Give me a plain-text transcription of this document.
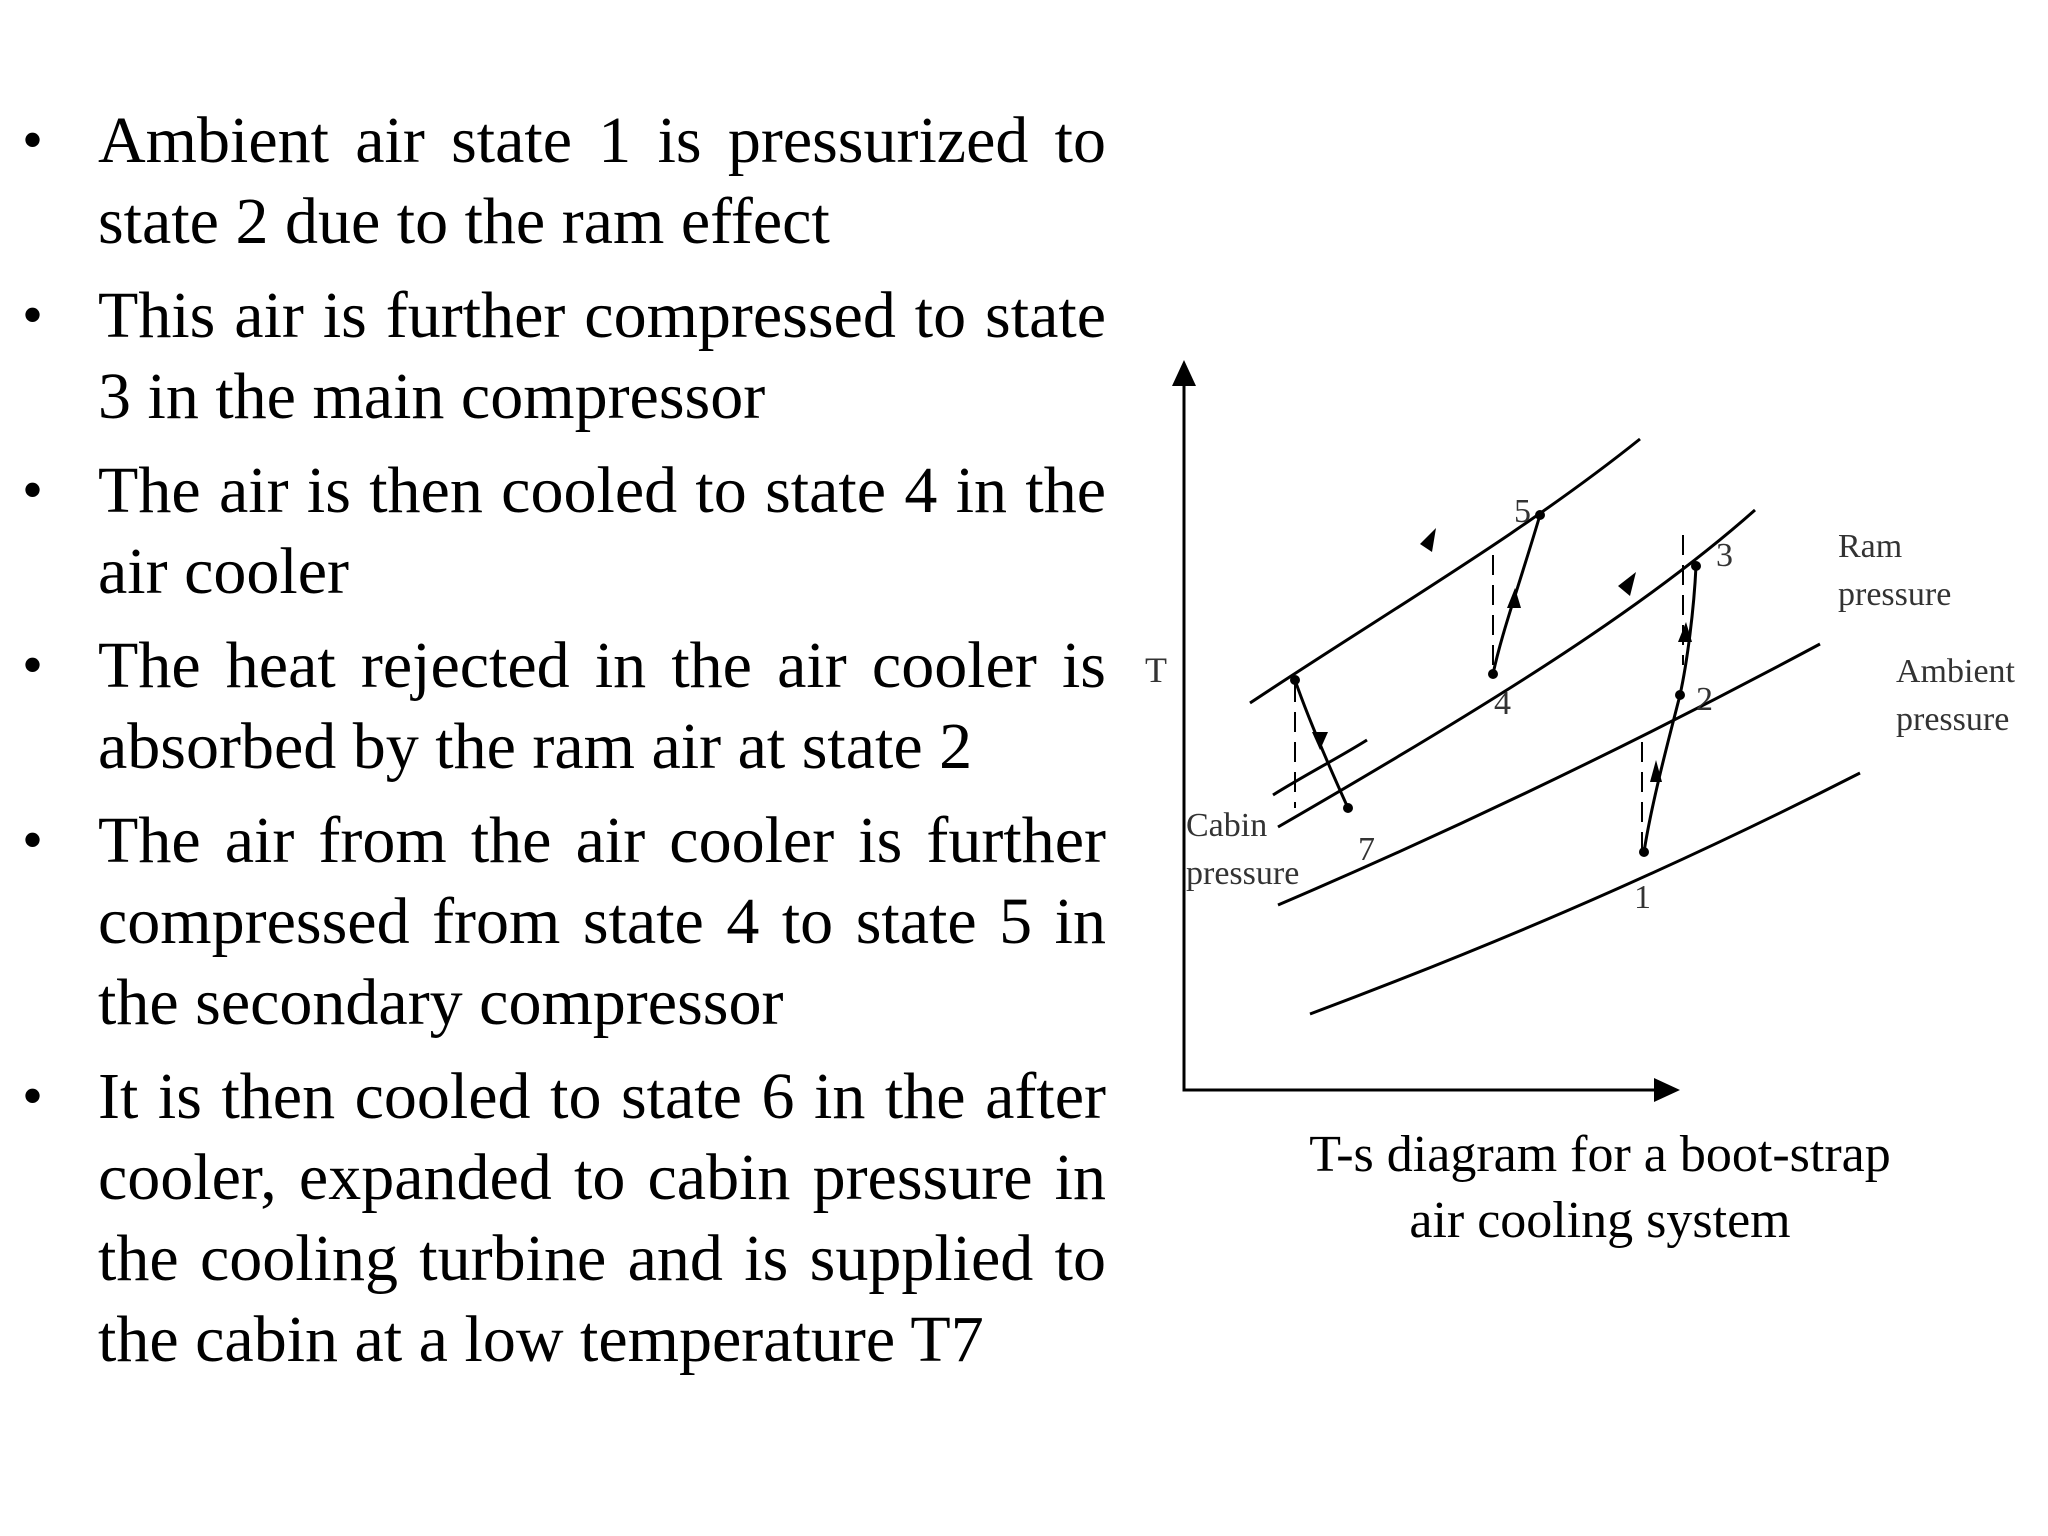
• Ambient air state 1 is pressurized to state 2 due to the ram effect
• This air is further compressed to state 3 in the main compressor
• The air is then cooled to state 4 in the air cooler
• The heat rejected in the air cooler is absorbed by the ram air at state 2
• The air from the air cooler is further compressed from state 4 to state 5 in the secondary compressor
• It is then cooled to state 6 in the after cooler, expanded to cabin pressure in the cooling turbine and is supplied to the cabin at a low temperature T7
T
1
2
3
4
5
7
Ram
pressure
Ambient
pressure
Cabin
pressure
T-s diagram for a boot-strap
air cooling system
